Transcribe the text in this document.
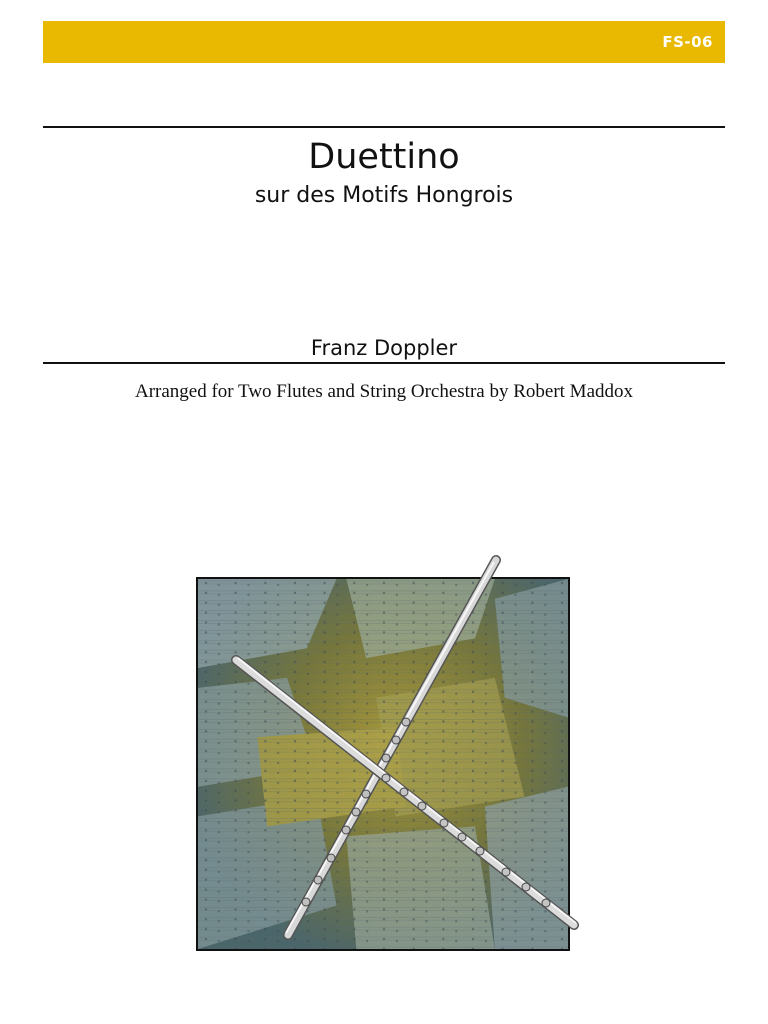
FS-06
Duettino
sur des Motifs Hongrois
Franz Doppler
Arranged for Two Flutes and String Orchestra by Robert Maddox
